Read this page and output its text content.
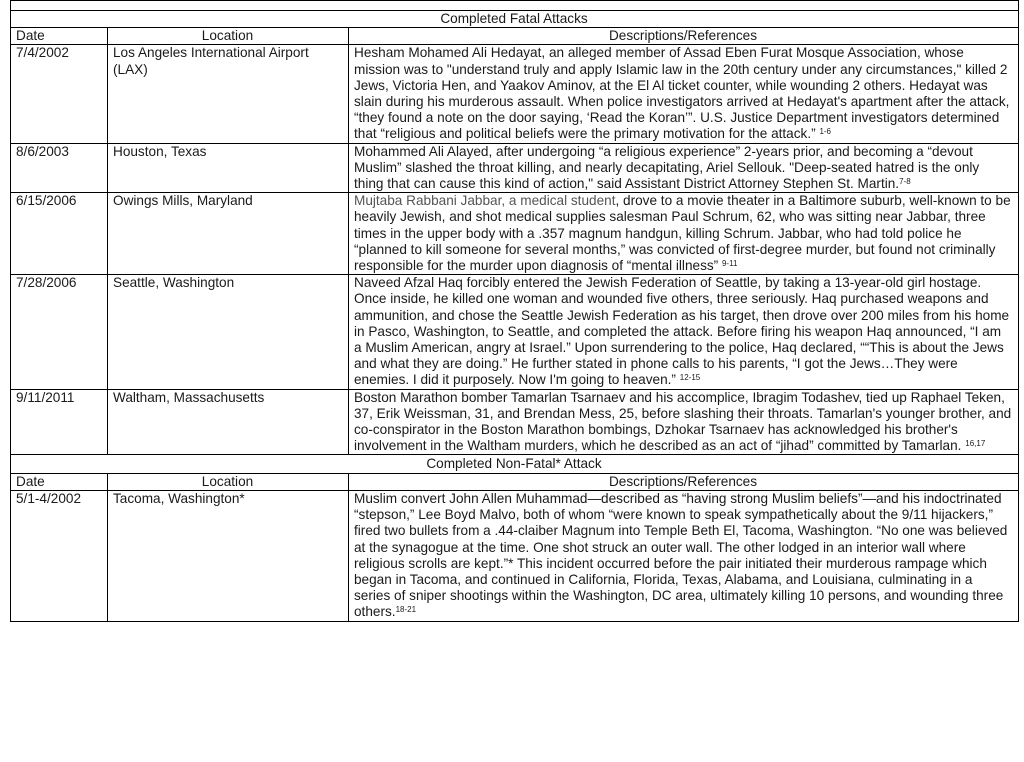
Completed Fatal Attacks		
Date	Location	Descriptions/References
7/4/2002	Los Angeles International Airport (LAX)	Hesham Mohamed Ali Hedayat, an alleged member of Assad Eben Furat Mosque Association, whose mission was to "understand truly and apply Islamic law in the 20th century under any circumstances," killed 2 Jews, Victoria Hen, and Yaakov Aminov, at the El Al ticket counter, while wounding 2 others. Hedayat was slain during his murderous assault. When police investigators arrived at Hedayat's apartment after the attack, “they found a note on the door saying, ‘Read the Koran’”. U.S. Justice Department investigators determined that “religious and political beliefs were the primary motivation for the attack.” $^{1-6}$
8/6/2003	Houston, Texas	Mohammed Ali Alayed, after undergoing “a religious experience” 2-years prior, and becoming a “devout Muslim” slashed the throat killing, and nearly decapitating, Ariel Sellouk. "Deep-seated hatred is the only thing that can cause this kind of action," said Assistant District Attorney Stephen St. Martin.$^{7-8}$
6/15/2006	Owings Mills, Maryland	Mujtaba Rabbani Jabbar, a medical student, drove to a movie theater in a Baltimore suburb, well-known to be heavily Jewish, and shot medical supplies salesman Paul Schrum, 62, who was sitting near Jabbar, three times in the upper body with a .357 magnum handgun, killing Schrum. Jabbar, who had told police he “planned to kill someone for several months,” was convicted of first-degree murder, but found not criminally responsible for the murder upon diagnosis of “mental illness” $^{9-11}$
7/28/2006	Seattle, Washington	Naveed Afzal Haq forcibly entered the Jewish Federation of Seattle, by taking a 13-year-old girl hostage. Once inside, he killed one woman and wounded five others, three seriously. Haq purchased weapons and ammunition, and chose the Seattle Jewish Federation as his target, then drove over 200 miles from his home in Pasco, Washington, to Seattle, and completed the attack. Before firing his weapon Haq announced, “I am a Muslim American, angry at Israel.” Upon surrendering to the police, Haq declared, ““This is about the Jews and what they are doing.” He further stated in phone calls to his parents, “I got the Jews…They were enemies. I did it purposely. Now I'm going to heaven.” $^{12-15}$
9/11/2011	Waltham, Massachusetts	Boston Marathon bomber Tamarlan Tsarnaev and his accomplice, Ibragim Todashev, tied up Raphael Teken, 37, Erik Weissman, 31, and Brendan Mess, 25, before slashing their throats. Tamarlan's younger brother, and co-conspirator in the Boston Marathon bombings, Dzhokar Tsarnaev has acknowledged his brother's involvement in the Waltham murders, which he described as an act of “jihad” committed by Tamarlan. $^{16,17}$
Completed Non-Fatal* Attack		
Date	Location	Descriptions/References
5/1-4/2002	Tacoma, Washington*	Muslim convert John Allen Muhammad—described as “having strong Muslim beliefs”—and his indoctrinated “stepson,” Lee Boyd Malvo, both of whom “were known to speak sympathetically about the 9/11 hijackers,” fired two bullets from a .44-claiber Magnum into Temple Beth El, Tacoma, Washington. “No one was believed at the synagogue at the time. One shot struck an outer wall. The other lodged in an interior wall where religious scrolls are kept.”* This incident occurred before the pair initiated their murderous rampage which began in Tacoma, and continued in California, Florida, Texas, Alabama, and Louisiana, culminating in a series of sniper shootings within the Washington, DC area, ultimately killing 10 persons, and wounding three others.$^{18-21}$
